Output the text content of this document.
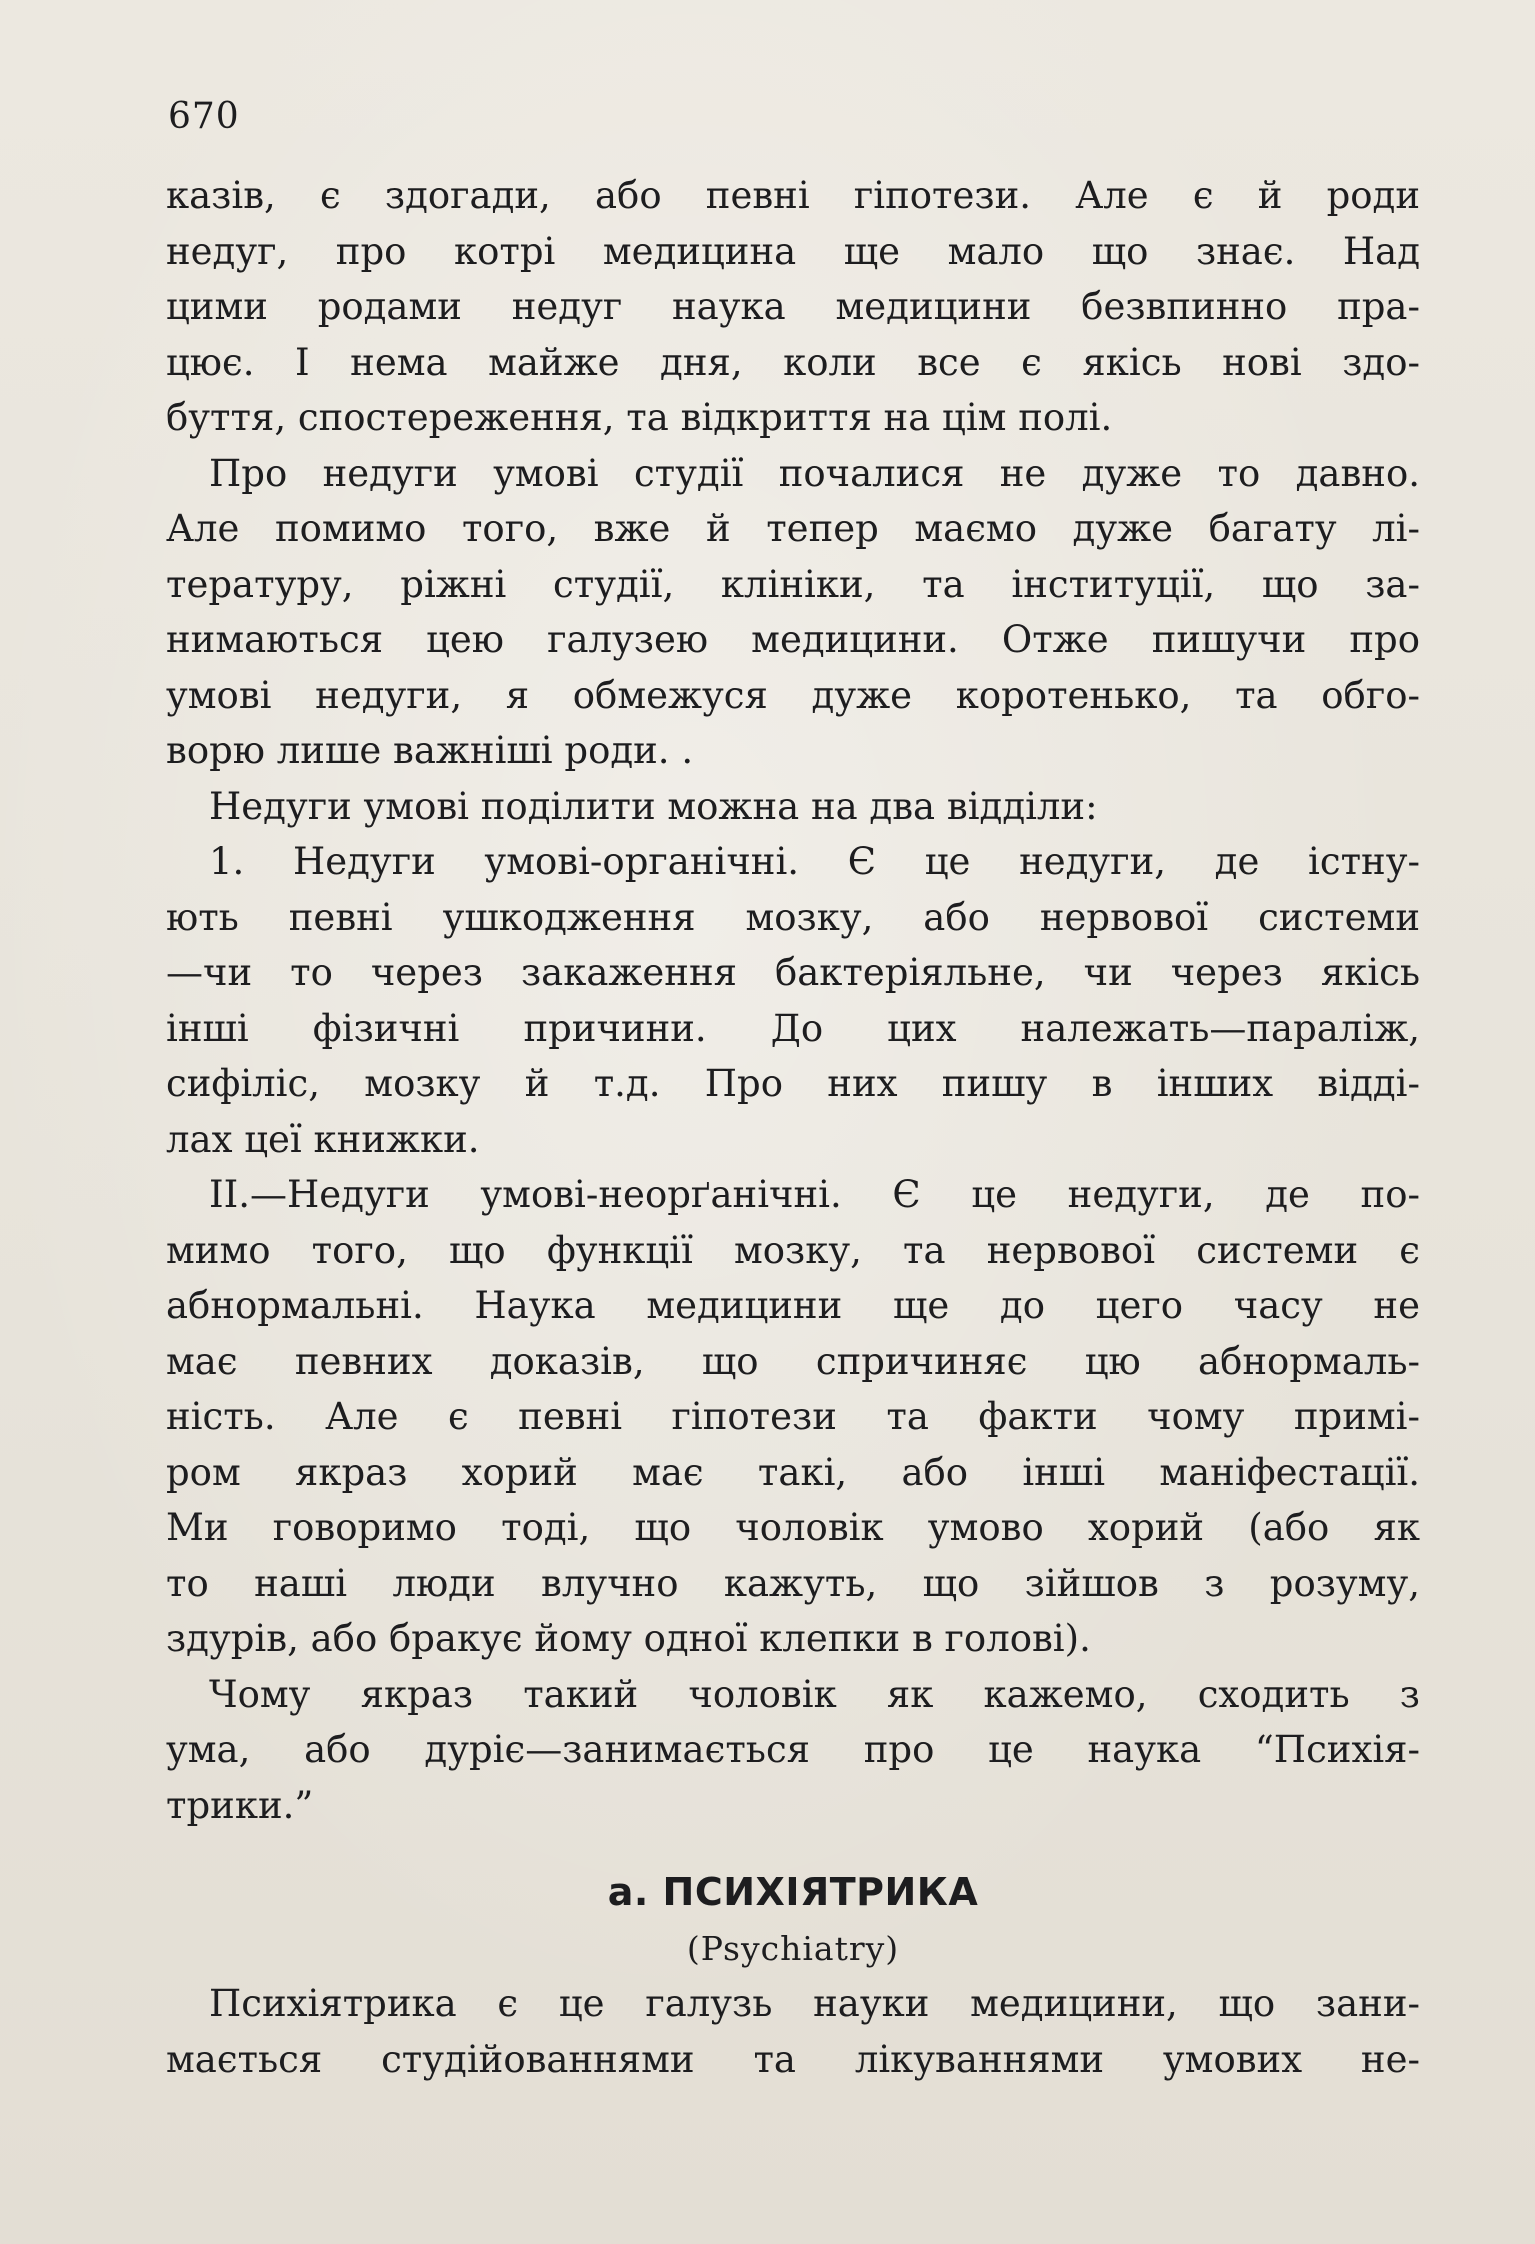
670
казів, є здогади, або певні гіпотези. Але є й роди
недуг, про котрі медицина ще мало що знає. Над
цими родами недуг наука медицини безвпинно пра-
цює. І нема майже дня, коли все є якісь нові здо-
буття, спостереження, та відкриття на цім полі.
Про недуги умові студії почалися не дуже то давно.
Але помимо того, вже й тепер маємо дуже багату лі-
тературу, ріжні студії, клініки, та інституції, що за-
нимаються цею галузею медицини. Отже пишучи про
умові недуги, я обмежуся дуже коротенько, та обго-
ворю лише важніші роди. .
Недуги умові поділити можна на два відділи:
1. Недуги умові-органічні. Є це недуги, де істну-
ють певні ушкодження мозку, або нервової системи
—чи то через закаження бактеріяльне, чи через якісь
інші фізичні причини. До цих належать—параліж,
сифіліс, мозку й т.д. Про них пишу в інших відді-
лах цеї книжки.
II.—Недуги умові-неорґанічні. Є це недуги, де по-
мимо того, що функції мозку, та нервової системи є
абнормальні. Наука медицини ще до цего часу не
має певних доказів, що спричиняє цю абнормаль-
ність. Але є певні гіпотези та факти чому примі-
ром якраз хорий має такі, або інші маніфестації.
Ми говоримо тоді, що чоловік умово хорий (або як
то наші люди влучно кажуть, що зійшов з розуму,
здурів, або бракує йому одної клепки в голові).
Чому якраз такий чоловік як кажемо, сходить з
ума, або дуріє—занимається про це наука “Психія-
трики.”
а. ПСИХІЯТРИКА
(Psychiatry)
Психіятрика є це галузь науки медицини, що зани-
мається студійованнями та лікуваннями умових не-
